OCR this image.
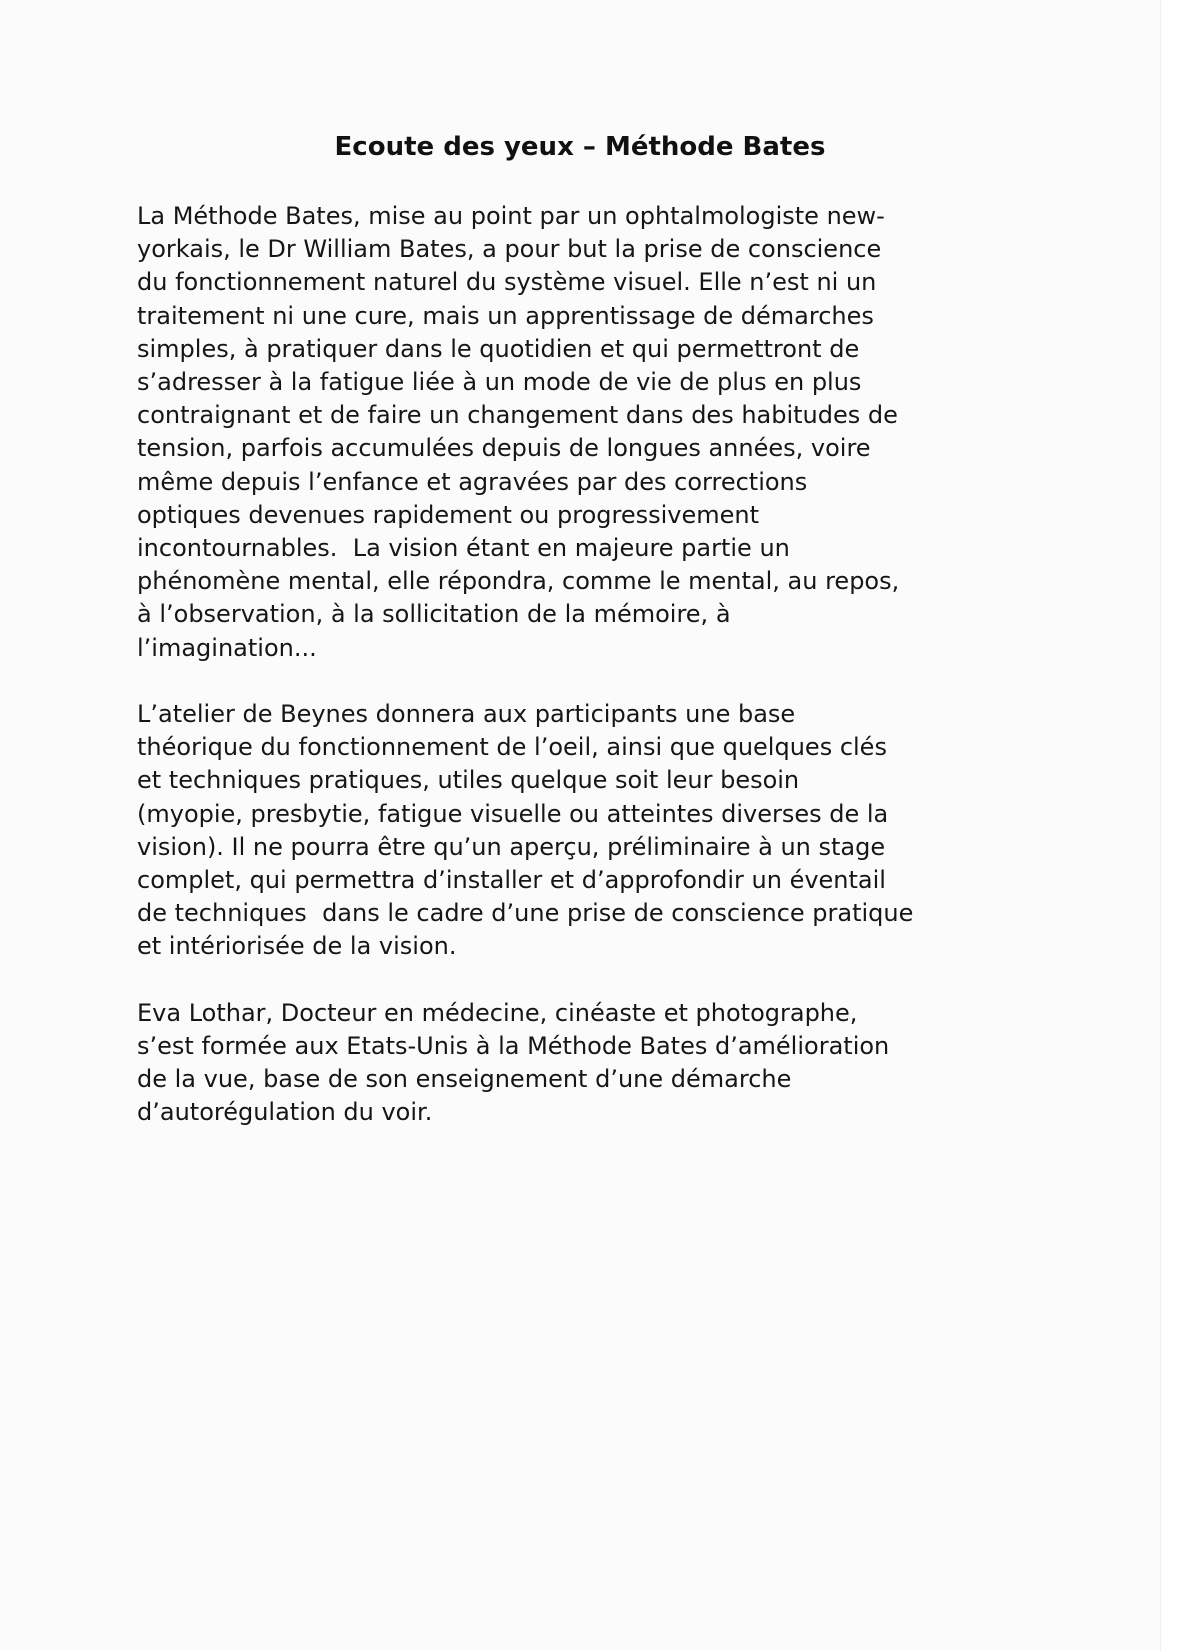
Ecoute des yeux – Méthode Bates
La Méthode Bates, mise au point par un ophtalmologiste new-
yorkais, le Dr William Bates, a pour but la prise de conscience
du fonctionnement naturel du système visuel. Elle n’est ni un
traitement ni une cure, mais un apprentissage de démarches
simples, à pratiquer dans le quotidien et qui permettront de
s’adresser à la fatigue liée à un mode de vie de plus en plus
contraignant et de faire un changement dans des habitudes de
tension, parfois accumulées depuis de longues années, voire
même depuis l’enfance et agravées par des corrections
optiques devenues rapidement ou progressivement
incontournables.  La vision étant en majeure partie un
phénomène mental, elle répondra, comme le mental, au repos,
à l’observation, à la sollicitation de la mémoire, à
l’imagination...
L’atelier de Beynes donnera aux participants une base
théorique du fonctionnement de l’oeil, ainsi que quelques clés
et techniques pratiques, utiles quelque soit leur besoin
(myopie, presbytie, fatigue visuelle ou atteintes diverses de la
vision). Il ne pourra être qu’un aperçu, préliminaire à un stage
complet, qui permettra d’installer et d’approfondir un éventail
de techniques  dans le cadre d’une prise de conscience pratique
et intériorisée de la vision.
Eva Lothar, Docteur en médecine, cinéaste et photographe,
s’est formée aux Etats-Unis à la Méthode Bates d’amélioration
de la vue, base de son enseignement d’une démarche
d’autorégulation du voir.
